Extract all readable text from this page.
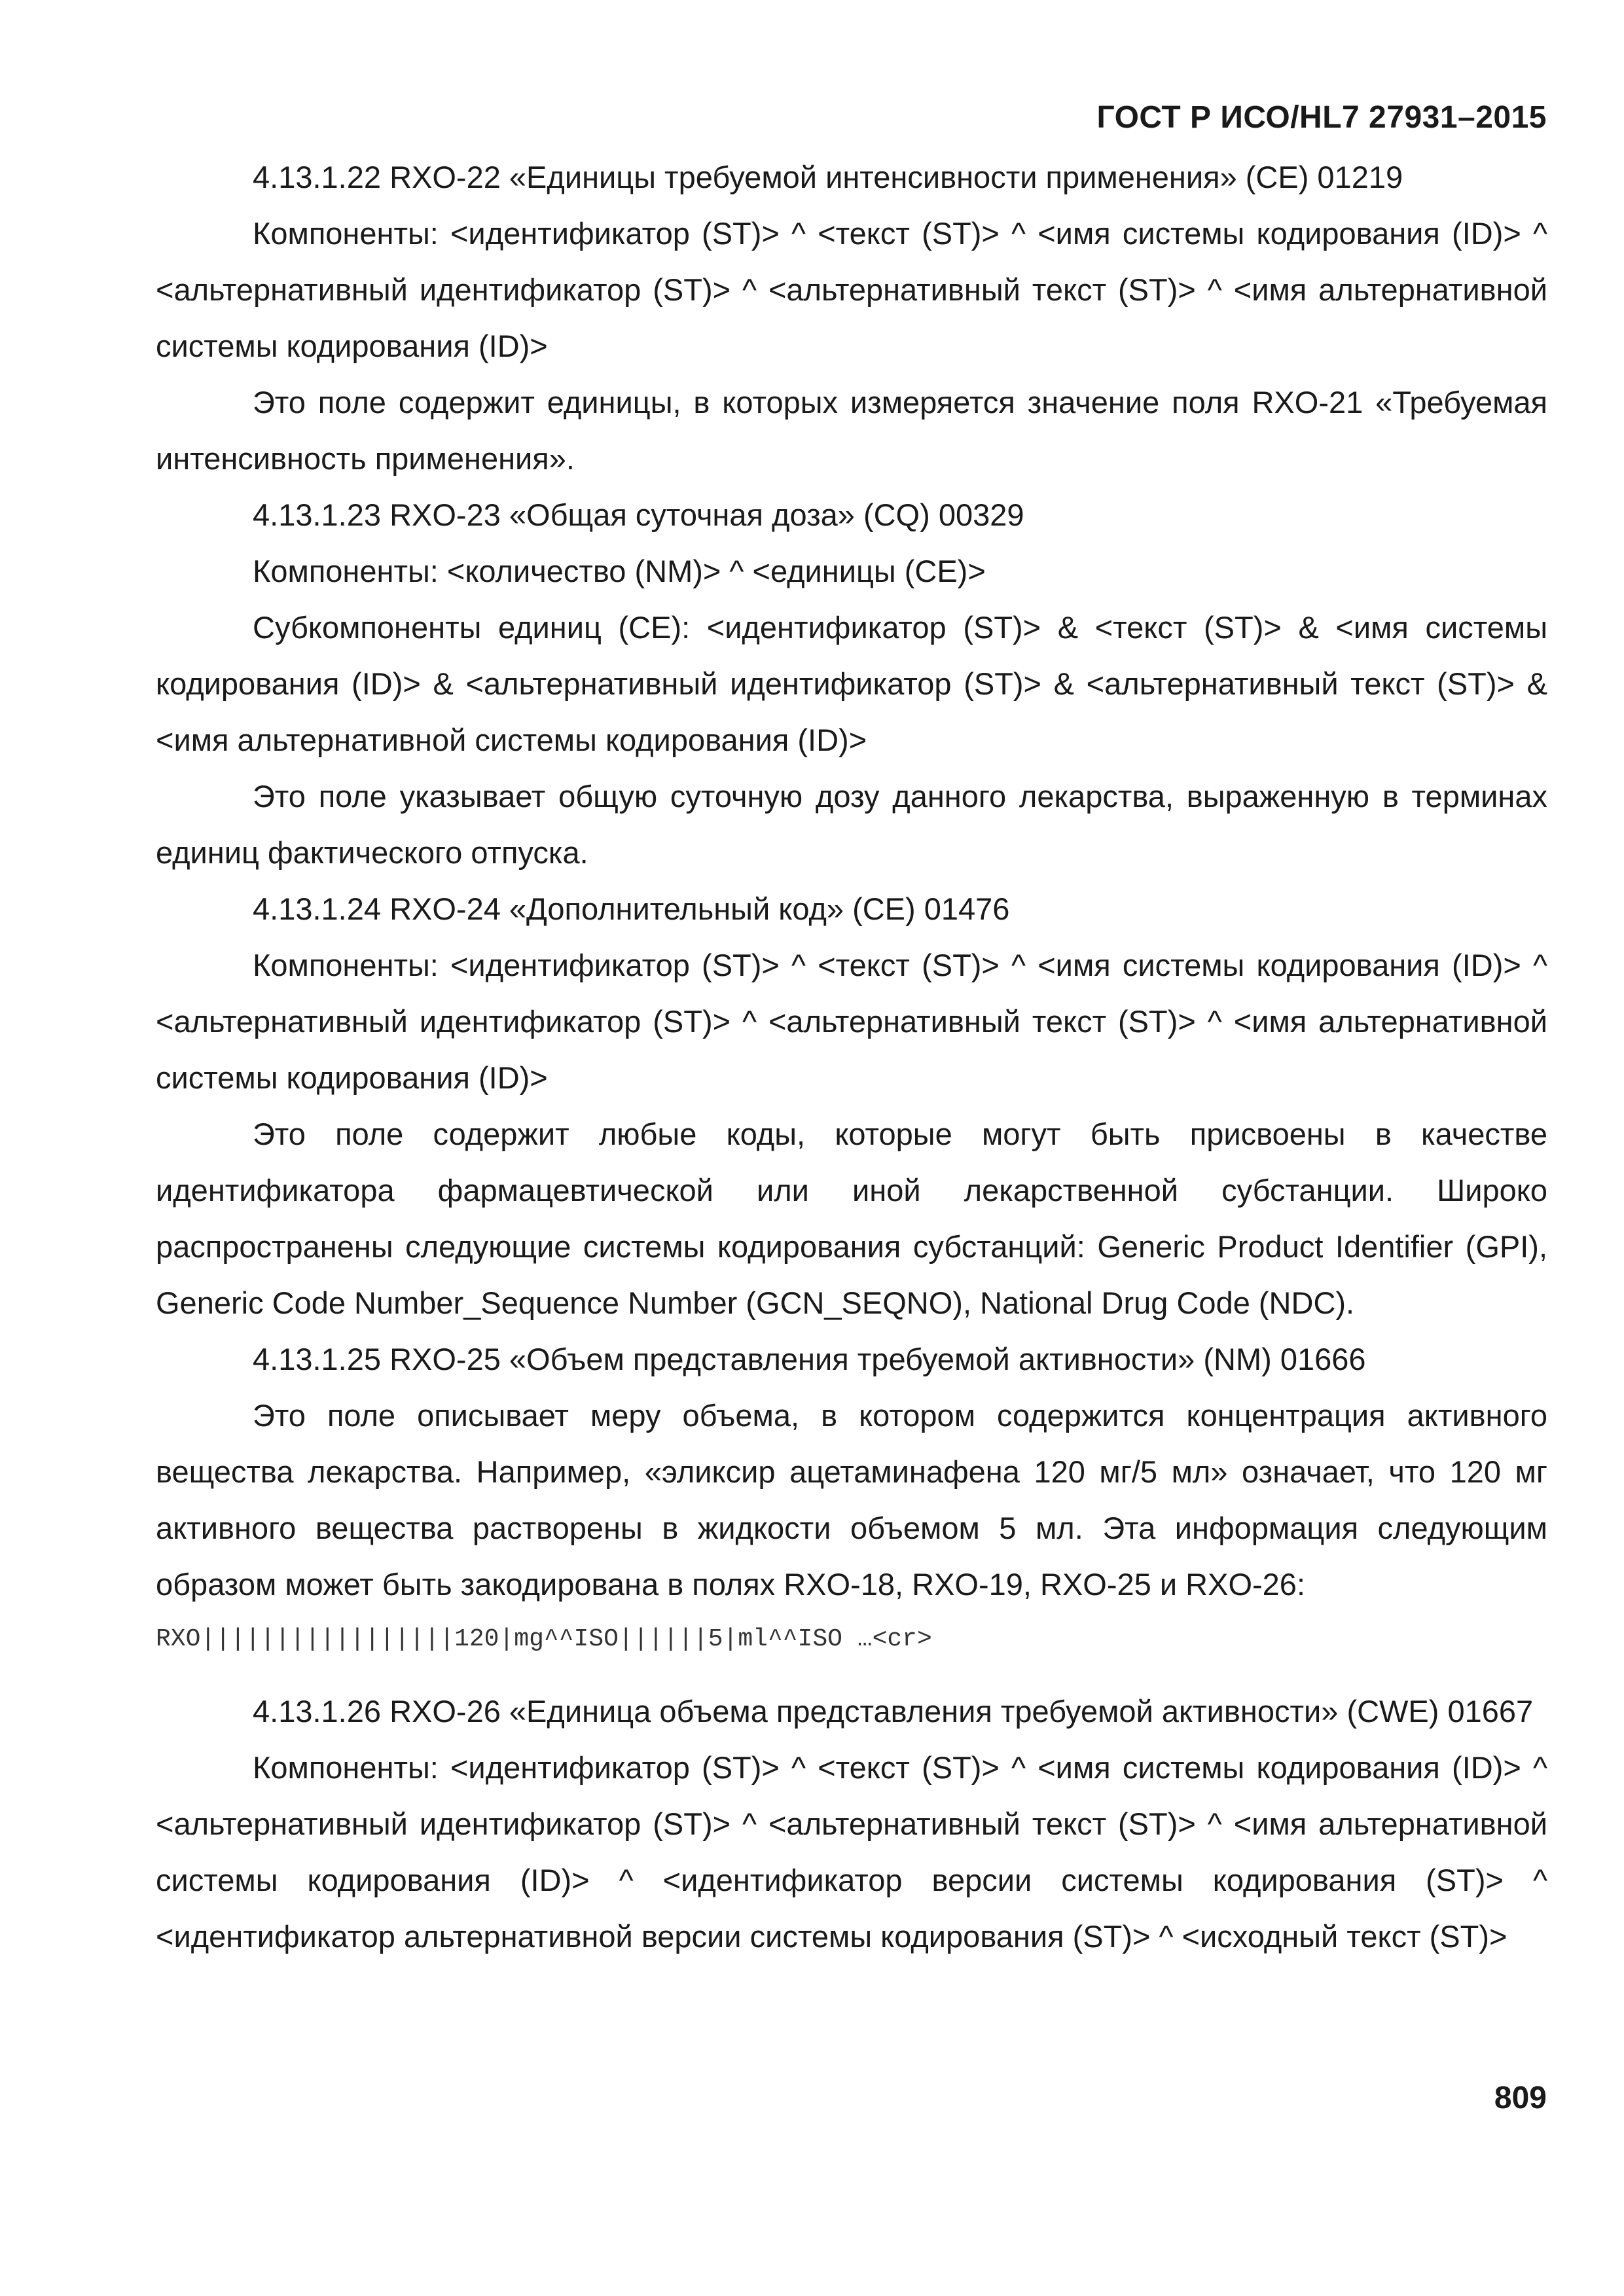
ГОСТ Р ИСО/HL7 27931–2015

4.13.1.22 RXO-22 «Единицы требуемой интенсивности применения» (CE) 01219

Компоненты: <идентификатор (ST)> ^ <текст (ST)> ^ <имя системы кодирования (ID)> ^ <альтернативный идентификатор (ST)> ^ <альтернативный текст (ST)> ^ <имя альтернативной системы кодирования (ID)>

Это поле содержит единицы, в которых измеряется значение поля RXO-21 «Требуемая интенсивность применения».

4.13.1.23 RXO-23 «Общая суточная доза» (CQ) 00329

Компоненты: <количество (NM)> ^ <единицы (CE)>

Субкомпоненты единиц (CE): <идентификатор (ST)> & <текст (ST)> & <имя системы кодирования (ID)> & <альтернативный идентификатор (ST)> & <альтернативный текст (ST)> & <имя альтернативной системы кодирования (ID)>

Это поле указывает общую суточную дозу данного лекарства, выраженную в терминах единиц фактического отпуска.

4.13.1.24 RXO-24 «Дополнительный код» (CE) 01476

Компоненты: <идентификатор (ST)> ^ <текст (ST)> ^ <имя системы кодирования (ID)> ^ <альтернативный идентификатор (ST)> ^ <альтернативный текст (ST)> ^ <имя альтернативной системы кодирования (ID)>

Это поле содержит любые коды, которые могут быть присвоены в качестве идентификатора фармацевтической или иной лекарственной субстанции. Широко распространены следующие системы кодирования субстанций: Generic Product Identifier (GPI), Generic Code Number_Sequence Number (GCN_SEQNO), National Drug Code (NDC).

4.13.1.25 RXO-25 «Объем представления требуемой активности» (NM) 01666

Это поле описывает меру объема, в котором содержится концентрация активного вещества лекарства. Например, «эликсир ацетаминафена 120 мг/5 мл» означает, что 120 мг активного вещества растворены в жидкости объемом 5 мл. Эта информация следующим образом может быть закодирована в полях RXO-18, RXO-19, RXO-25 и RXO-26:

RXO|||||||||||||||||120|mg^^ISO||||||5|ml^^ISO …<cr>

4.13.1.26 RXO-26 «Единица объема представления требуемой активности» (CWE) 01667

Компоненты: <идентификатор (ST)> ^ <текст (ST)> ^ <имя системы кодирования (ID)> ^ <альтернативный идентификатор (ST)> ^ <альтернативный текст (ST)> ^ <имя альтернативной системы кодирования (ID)> ^ <идентификатор версии системы кодирования (ST)> ^ <идентификатор альтернативной версии системы кодирования (ST)> ^ <исходный текст (ST)>

809
